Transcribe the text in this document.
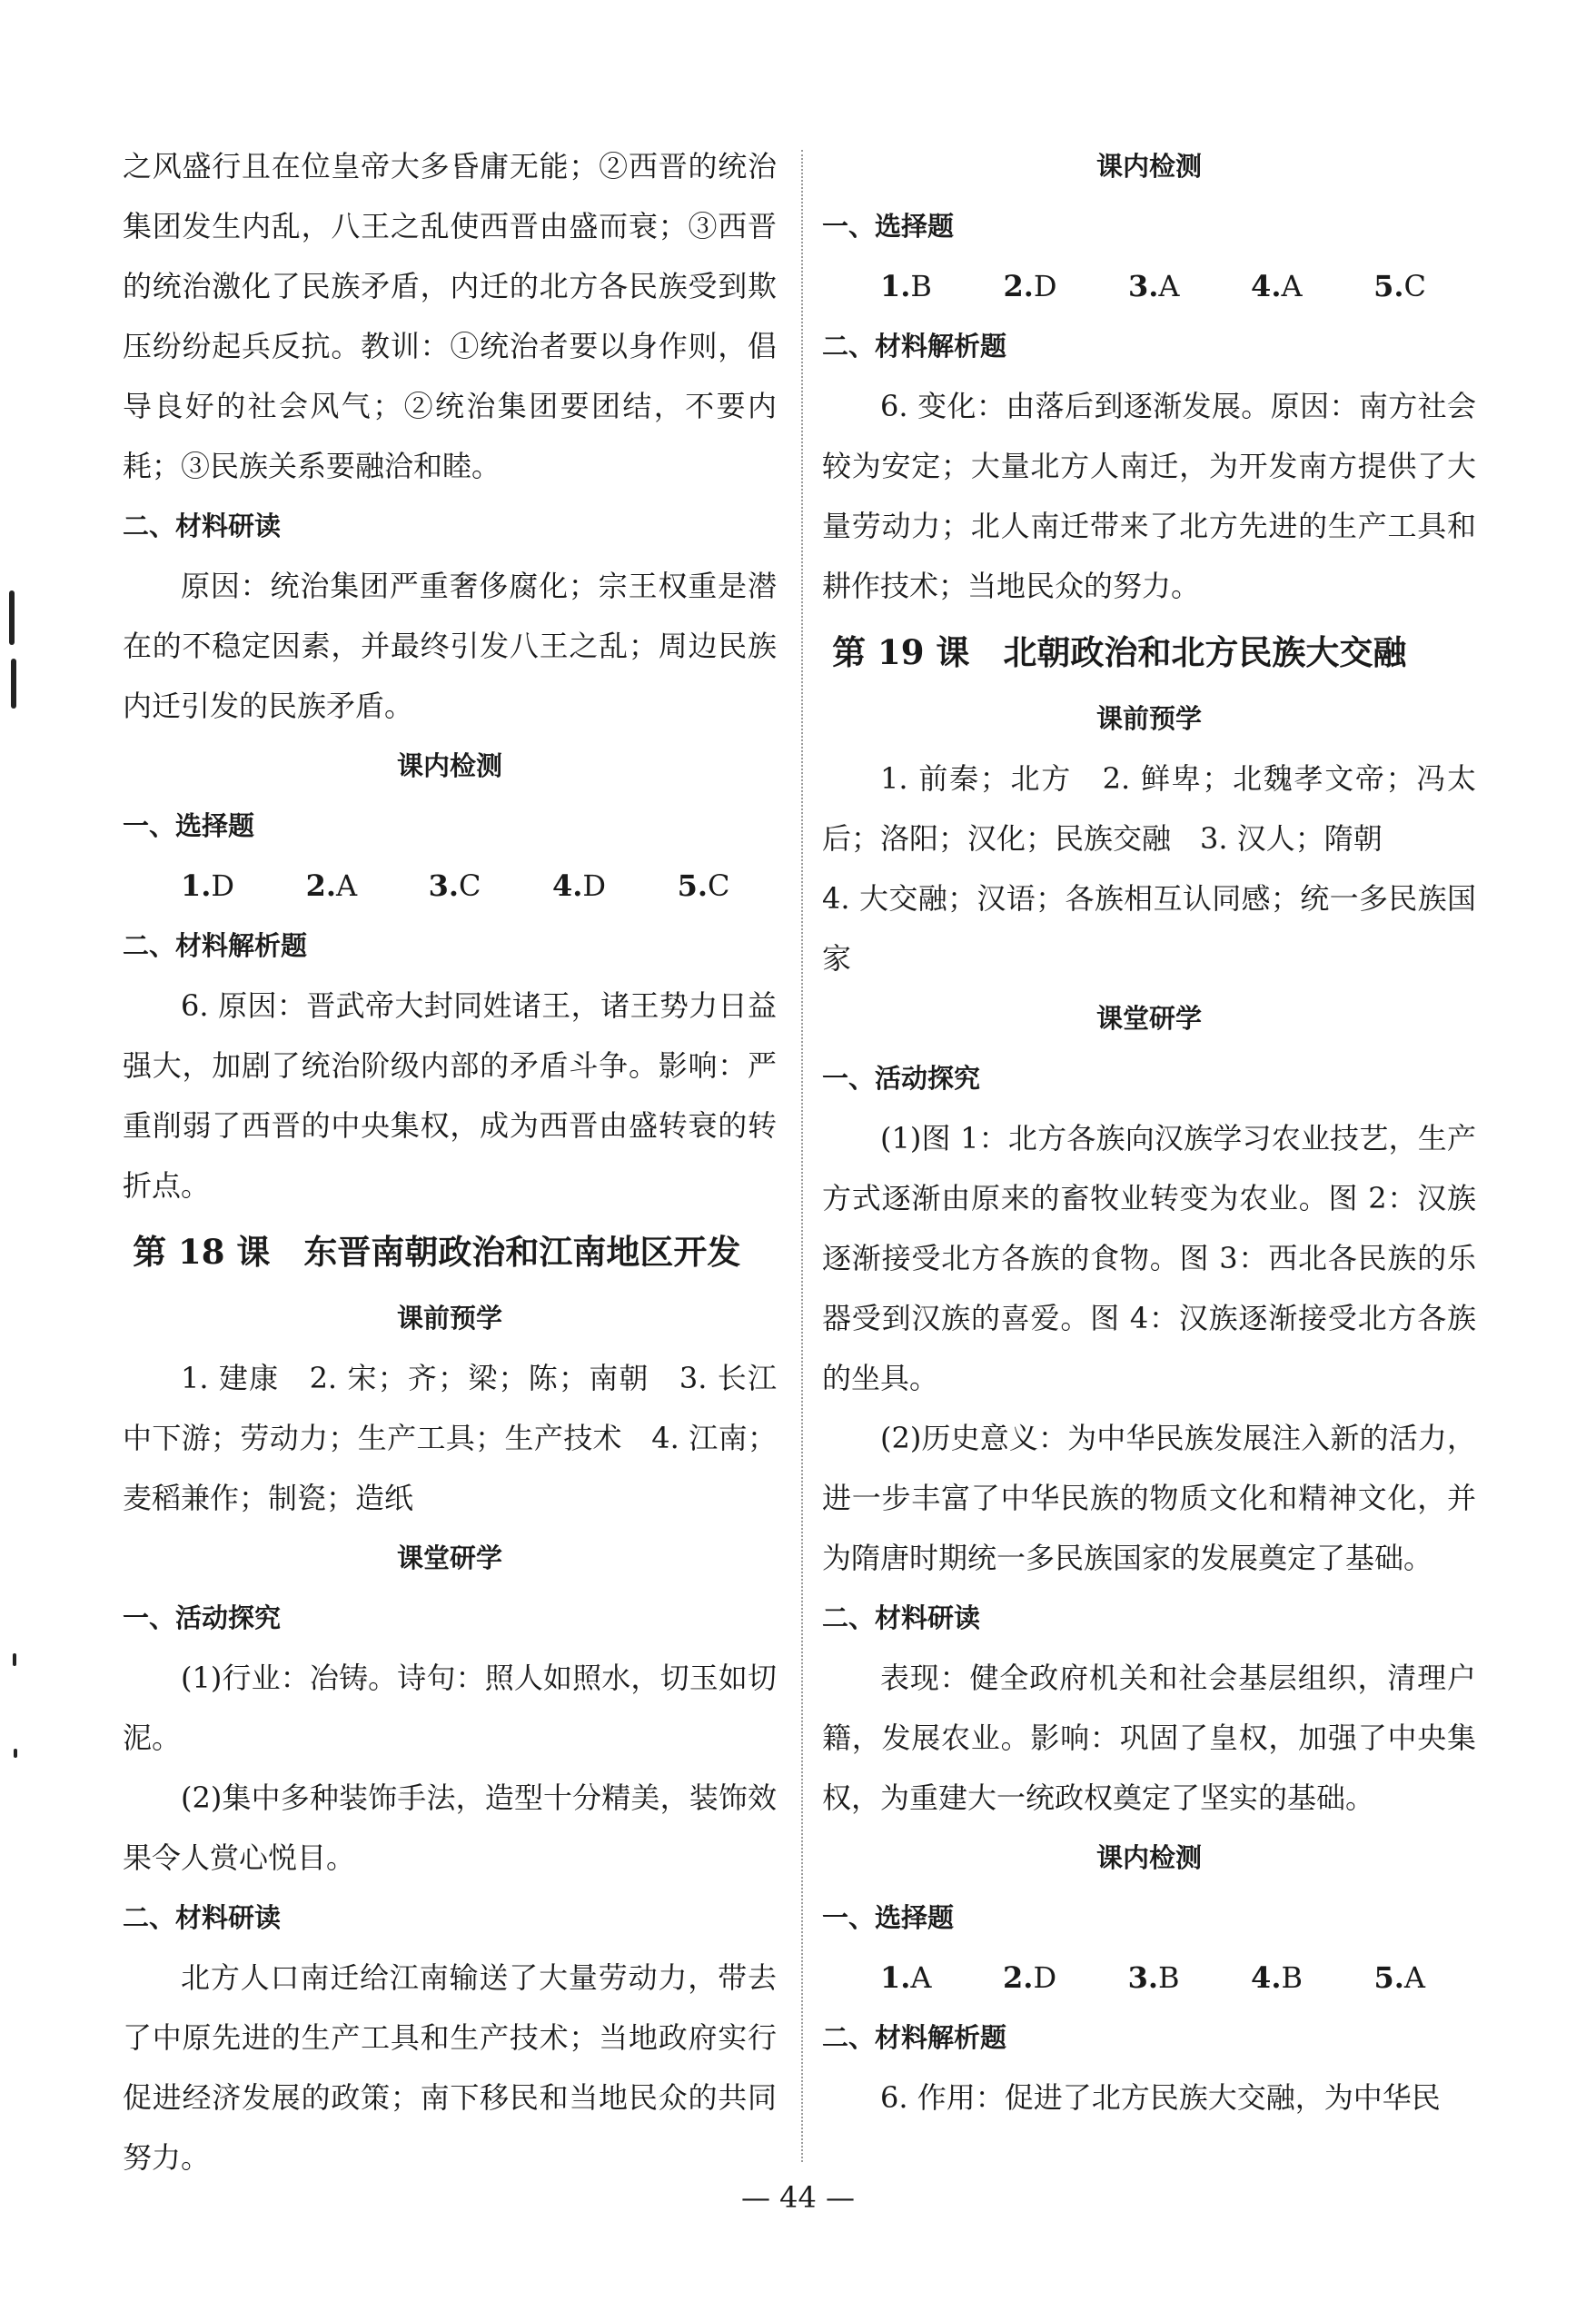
之风盛行且在位皇帝大多昏庸无能；②西晋的统治集团发生内乱，八王之乱使西晋由盛而衰；③西晋的统治激化了民族矛盾，内迁的北方各民族受到欺压纷纷起兵反抗。教训：①统治者要以身作则，倡导良好的社会风气；②统治集团要团结，不要内耗；③民族关系要融洽和睦。

二、材料研读

原因：统治集团严重奢侈腐化；宗王权重是潜在的不稳定因素，并最终引发八王之乱；周边民族内迁引发的民族矛盾。

课内检测
一、选择题
1.D 2.A 3.C 4.D 5.C
二、材料解析题

6. 原因：晋武帝大封同姓诸王，诸王势力日益强大，加剧了统治阶级内部的矛盾斗争。影响：严重削弱了西晋的中央集权，成为西晋由盛转衰的转折点。

第 18 课　东晋南朝政治和江南地区开发
课前预学

1. 建康　2. 宋；齐；梁；陈；南朝　3. 长江中下游；劳动力；生产工具；生产技术　4. 江南；麦稻兼作；制瓷；造纸

课堂研学
一、活动探究

(1)行业：冶铸。诗句：照人如照水，切玉如切泥。

(2)集中多种装饰手法，造型十分精美，装饰效果令人赏心悦目。

二、材料研读

北方人口南迁给江南输送了大量劳动力，带去了中原先进的生产工具和生产技术；当地政府实行促进经济发展的政策；南下移民和当地民众的共同努力。

课内检测
一、选择题
1.B 2.D 3.A 4.A 5.C
二、材料解析题

6. 变化：由落后到逐渐发展。原因：南方社会较为安定；大量北方人南迁，为开发南方提供了大量劳动力；北人南迁带来了北方先进的生产工具和耕作技术；当地民众的努力。

第 19 课　北朝政治和北方民族大交融
课前预学

1. 前秦；北方　2. 鲜卑；北魏孝文帝；冯太后；洛阳；汉化；民族交融　3. 汉人；隋朝

4. 大交融；汉语；各族相互认同感；统一多民族国家

课堂研学
一、活动探究

(1)图 1：北方各族向汉族学习农业技艺，生产方式逐渐由原来的畜牧业转变为农业。图 2：汉族逐渐接受北方各族的食物。图 3：西北各民族的乐器受到汉族的喜爱。图 4：汉族逐渐接受北方各族的坐具。

(2)历史意义：为中华民族发展注入新的活力，进一步丰富了中华民族的物质文化和精神文化，并为隋唐时期统一多民族国家的发展奠定了基础。

二、材料研读

表现：健全政府机关和社会基层组织，清理户籍，发展农业。影响：巩固了皇权，加强了中央集权，为重建大一统政权奠定了坚实的基础。

课内检测
一、选择题
1.A 2.D 3.B 4.B 5.A
二、材料解析题

6. 作用：促进了北方民族大交融，为中华民

— 44 —
